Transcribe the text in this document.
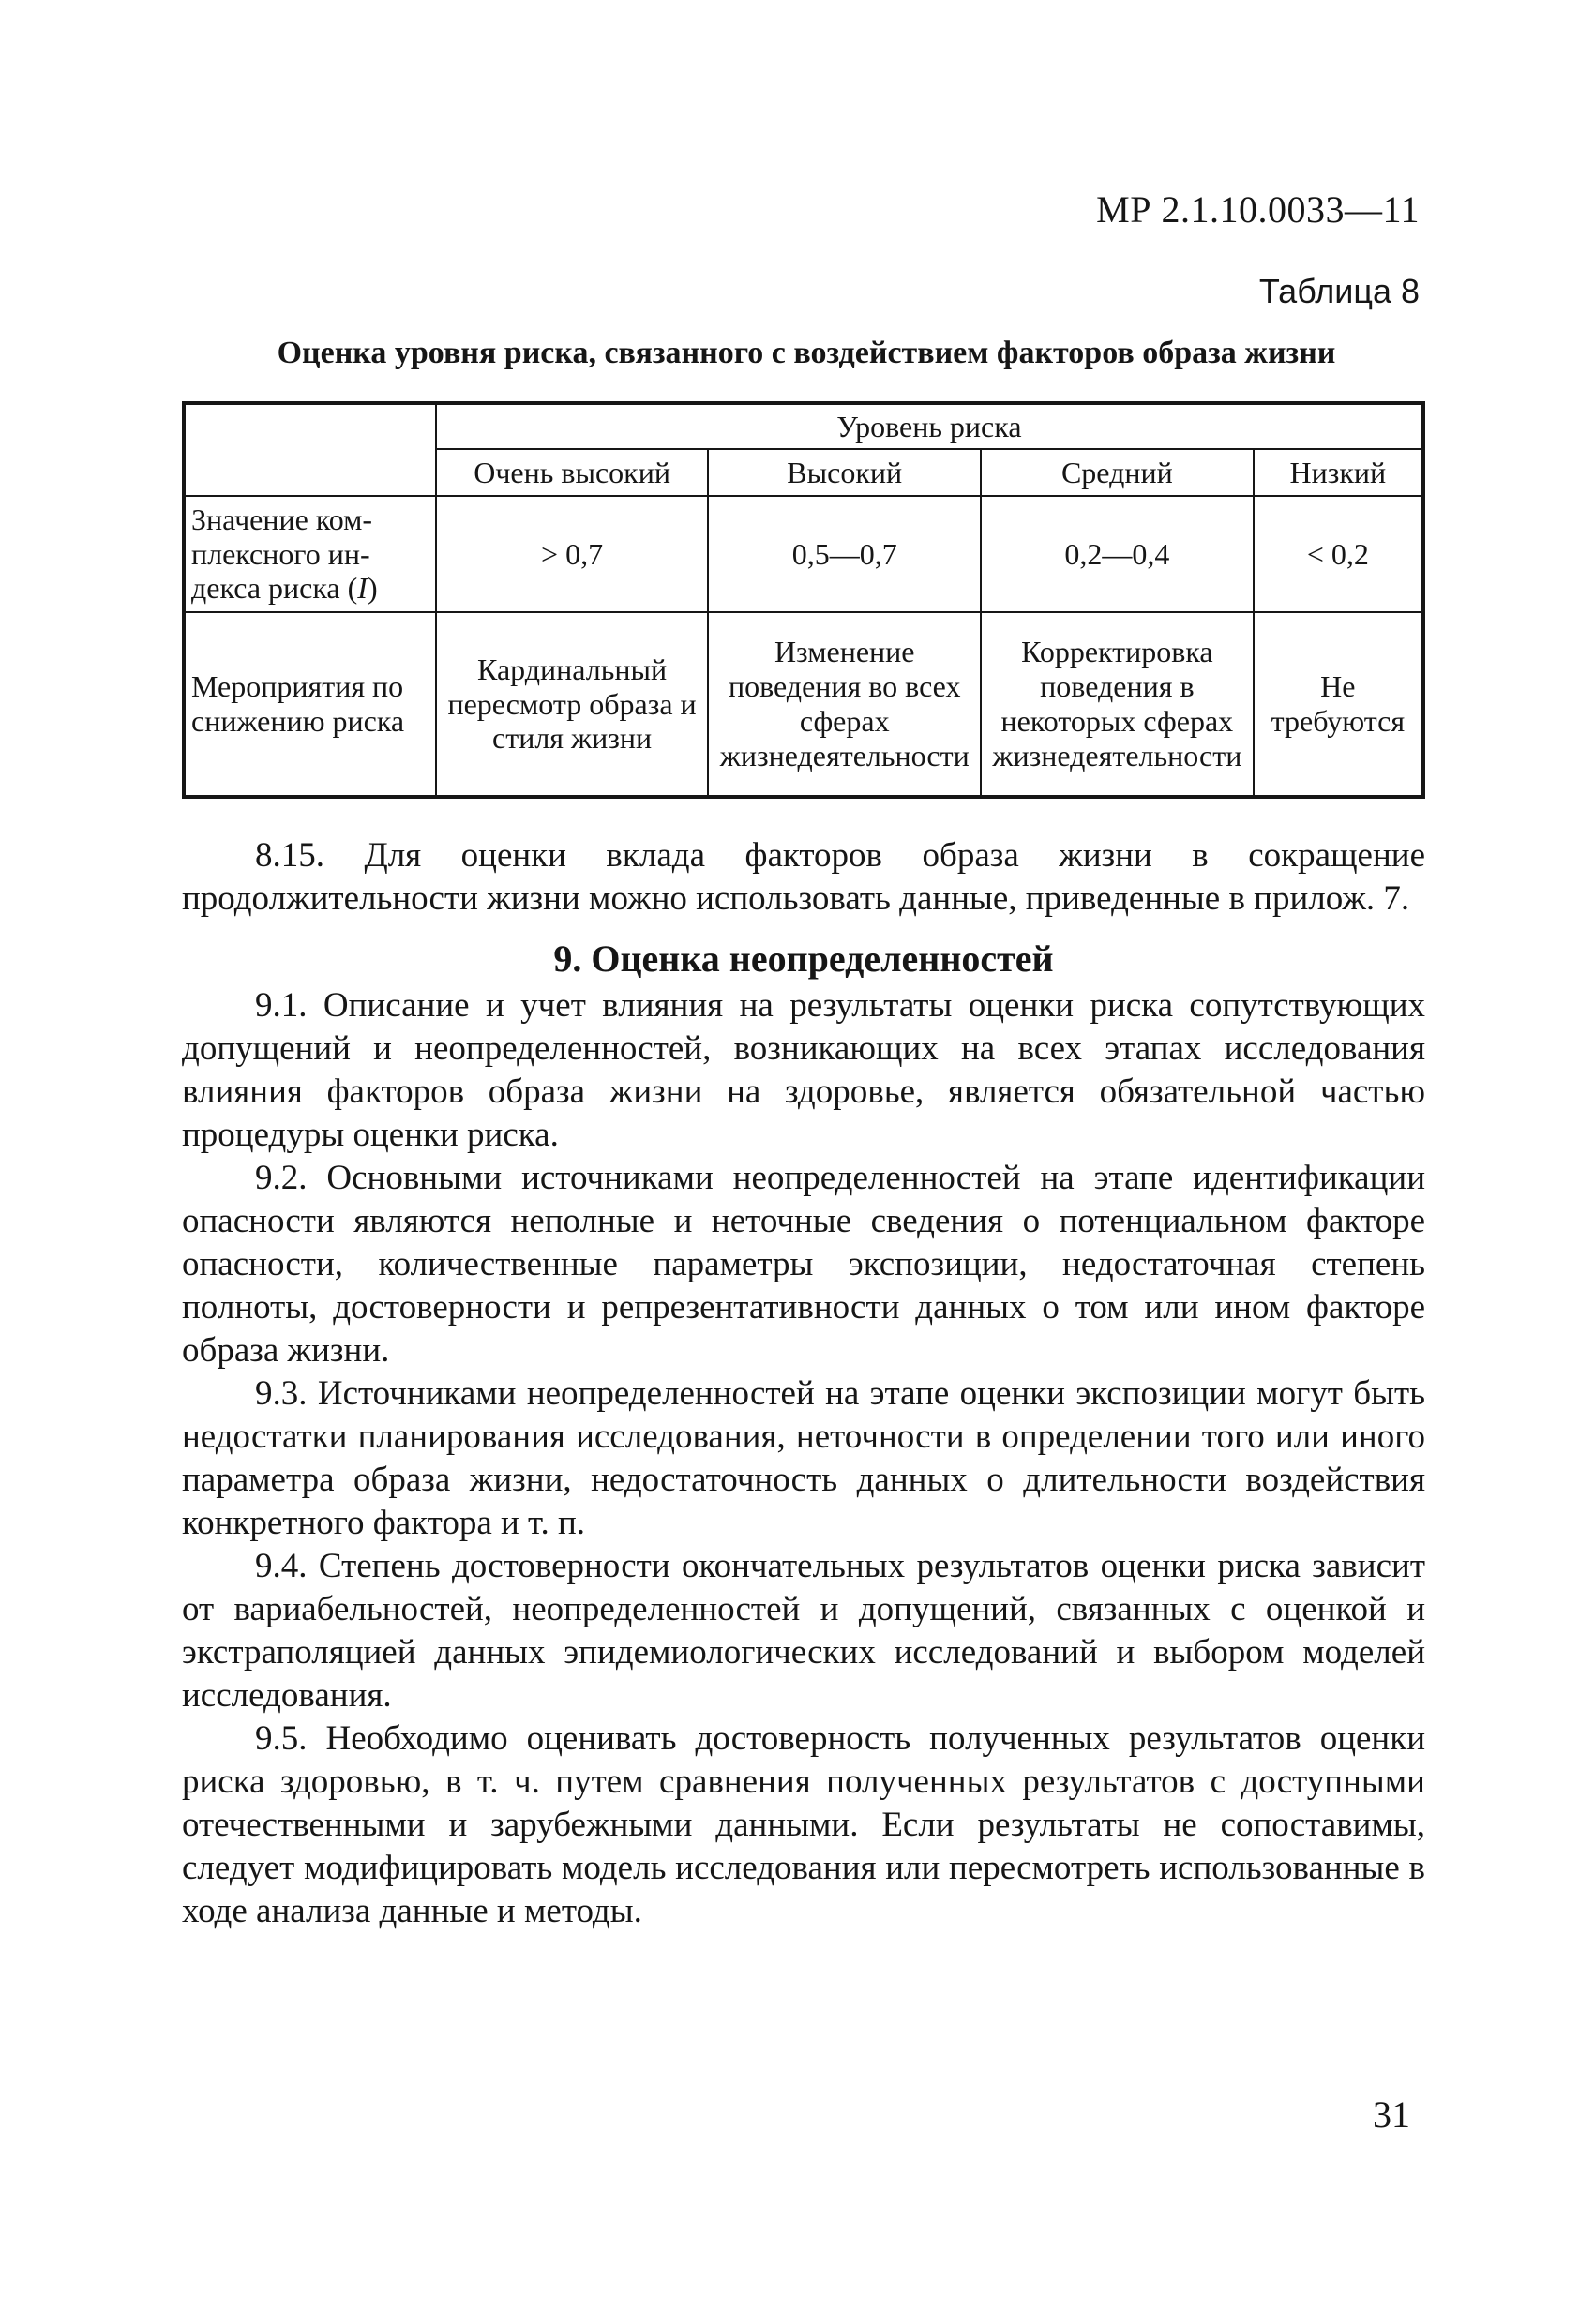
МР 2.1.10.0033—11
Таблица 8
Оценка уровня риска, связанного с воздействием факторов образа жизни
	Уровень риска			
	Очень высокий	Высокий	Средний	Низкий
Значение ком-
плексного ин-
декса риска (I)	> 0,7	0,5—0,7	0,2—0,4	< 0,2
Мероприятия по снижению риска	Кардинальный пересмотр образа и стиля жизни	Изменение поведения во всех сферах жизнедеятельности	Корректировка поведения в некоторых сферах жизнедеятельности	Не требуются

8.15. Для оценки вклада факторов образа жизни в сокращение продолжительности жизни можно использовать данные, приведенные в прилож. 7.

9. Оценка неопределенностей

9.1. Описание и учет влияния на результаты оценки риска сопутствующих допущений и неопределенностей, возникающих на всех этапах исследования влияния факторов образа жизни на здоровье, является обязательной частью процедуры оценки риска.

9.2. Основными источниками неопределенностей на этапе идентификации опасности являются неполные и неточные сведения о потенциальном факторе опасности, количественные параметры экспозиции, недостаточная степень полноты, достоверности и репрезентативности данных о том или ином факторе образа жизни.

9.3. Источниками неопределенностей на этапе оценки экспозиции могут быть недостатки планирования исследования, неточности в определении того или иного параметра образа жизни, недостаточность данных о длительности воздействия конкретного фактора и т. п.

9.4. Степень достоверности окончательных результатов оценки риска зависит от вариабельностей, неопределенностей и допущений, связанных с оценкой и экстраполяцией данных эпидемиологических исследований и выбором моделей исследования.

9.5. Необходимо оценивать достоверность полученных результатов оценки риска здоровью, в т. ч. путем сравнения полученных результатов с доступными отечественными и зарубежными данными. Если результаты не сопоставимы, следует модифицировать модель исследования или пересмотреть использованные в ходе анализа данные и методы.

31
